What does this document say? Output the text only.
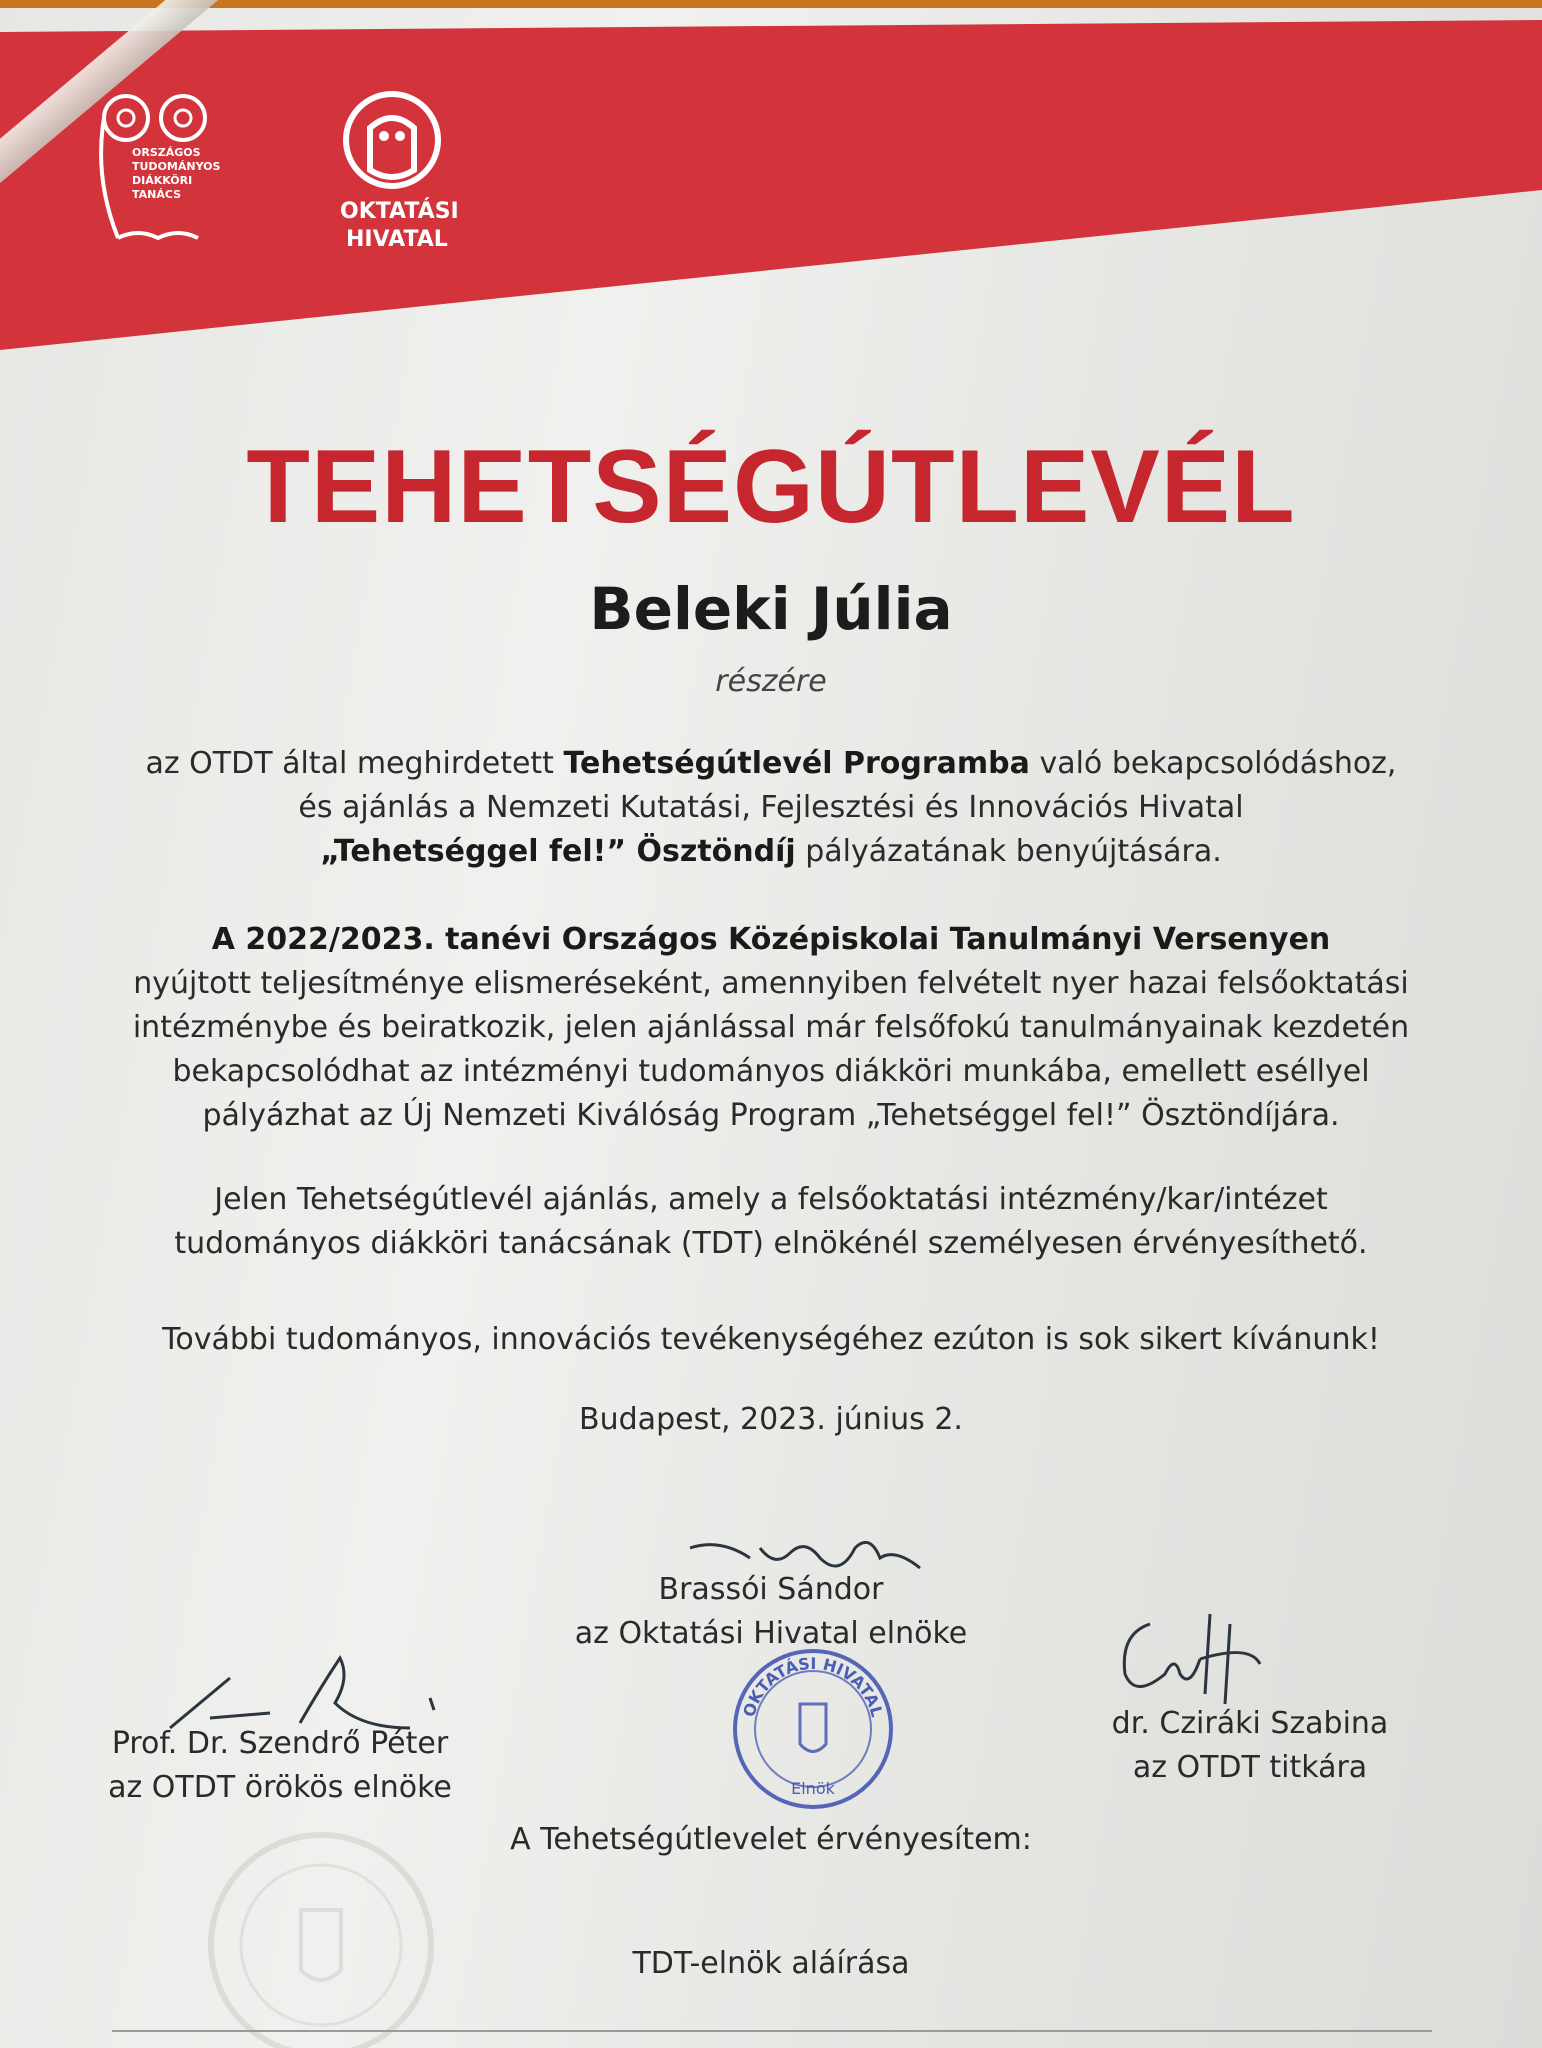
ORSZÁGOS
TUDOMÁNYOS
DIÁKKÖRI
TANÁCS
OKTATÁSI
HIVATAL
TEHETSÉGÚTLEVÉL
Beleki Júlia
részére
az OTDT által meghirdetett Tehetségútlevél Programba való bekapcsolódáshoz,
és ajánlás a Nemzeti Kutatási, Fejlesztési és Innovációs Hivatal
„Tehetséggel fel!” Ösztöndíj pályázatának benyújtására.
A 2022/2023. tanévi Országos Középiskolai Tanulmányi Versenyen
nyújtott teljesítménye elismeréseként, amennyiben felvételt nyer hazai felsőoktatási
intézménybe és beiratkozik, jelen ajánlással már felsőfokú tanulmányainak kezdetén
bekapcsolódhat az intézményi tudományos diákköri munkába, emellett eséllyel
pályázhat az Új Nemzeti Kiválóság Program „Tehetséggel fel!” Ösztöndíjára.
Jelen Tehetségútlevél ajánlás, amely a felsőoktatási intézmény/kar/intézet
tudományos diákköri tanácsának (TDT) elnökénél személyesen érvényesíthető.
További tudományos, innovációs tevékenységéhez ezúton is sok sikert kívánunk!
Budapest, 2023. június 2.
Brassói Sándor
az Oktatási Hivatal elnöke
OKTATÁSI HIVATAL
Elnök
Prof. Dr. Szendrő Péter
az OTDT örökös elnöke
dr. Cziráki Szabina
az OTDT titkára
A Tehetségútlevelet érvényesítem:
TDT-elnök aláírása
